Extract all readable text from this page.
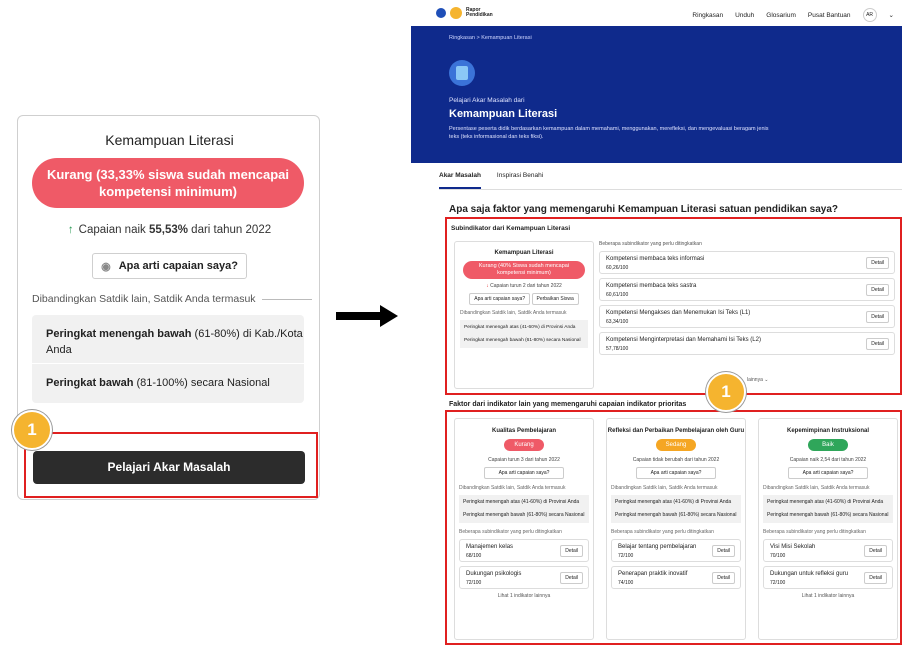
Kemampuan Literasi
Kurang (33,33% siswa sudah mencapai kompetensi minimum)
↑ Capaian naik 55,53% dari tahun 2022
◉ Apa arti capaian saya?
Dibandingkan Satdik lain, Satdik Anda termasuk
Peringkat menengah bawah (61-80%) di Kab./Kota Anda
Peringkat bawah (81-100%) secara Nasional
Pelajari Akar Masalah
1
Rapor Pendidikan	Ringkasan Unduh Glosarium Pusat Bantuan	AR	⌄
Ringkasan > Kemampuan Literasi
Pelajari Akar Masalah dari
Kemampuan Literasi
Persentase peserta didik berdasarkan kemampuan dalam memahami, menggunakan, merefleksi, dan mengevaluasi beragam jenis teks (teks informasional dan teks fiksi).
Akar Masalah Inspirasi Benahi
Apa saja faktor yang memengaruhi Kemampuan Literasi satuan pendidikan saya?
Subindikator dari Kemampuan Literasi
Kemampuan Literasi
Kurang (40% Siswa sudah mencapai kompetensi minimum)
↓ Capaian turun 2 dari tahun 2022
Apa arti capaian saya? Perbaikan Siswa
Dibandingkan Satdik lain, Satdik Anda termasuk
Peringkat menengah atas (41-60%) di Provinsi Anda
Peringkat menengah bawah (61-80%) secara Nasional
Beberapa subindikator yang perlu ditingkatkan
Kompetensi membaca teks informasi
60,26/100
Detail
Kompetensi membaca teks sastra
60,61/100
Detail
Kompetensi Mengakses dan Menemukan Isi Teks (L1)
63,34/100
Detail
Kompetensi Menginterpretasi dan Memahami Isi Teks (L2)
57,78/100
Detail
lainnya ⌄
Faktor dari indikator lain yang memengaruhi capaian indikator prioritas
Kualitas Pembelajaran
Kurang
Capaian turun 3 dari tahun 2022
Apa arti capaian saya?
Dibandingkan Satdik lain, Satdik Anda termasuk
Peringkat menengah atas (41-60%) di Provinsi Anda
Peringkat menengah bawah (61-80%) secara Nasional
Beberapa subindikator yang perlu ditingkatkan
Manajemen kelas
68/100
Detail
Dukungan psikologis
72/100
Detail
Lihat 1 indikator lainnya
Refleksi dan Perbaikan Pembelajaran oleh Guru
Sedang
Capaian tidak berubah dari tahun 2022
Apa arti capaian saya?
Dibandingkan Satdik lain, Satdik Anda termasuk
Peringkat menengah atas (41-60%) di Provinsi Anda
Peringkat menengah bawah (61-80%) secara Nasional
Beberapa subindikator yang perlu ditingkatkan
Belajar tentang pembelajaran
72/100
Detail
Penerapan praktik inovatif
74/100
Detail
Kepemimpinan Instruksional
Baik
Capaian naik 2,54 dari tahun 2022
Apa arti capaian saya?
Dibandingkan Satdik lain, Satdik Anda termasuk
Peringkat menengah atas (41-60%) di Provinsi Anda
Peringkat menengah bawah (61-80%) secara Nasional
Beberapa subindikator yang perlu ditingkatkan
Visi Misi Sekolah
70/100
Detail
Dukungan untuk refleksi guru
72/100
Detail
Lihat 1 indikator lainnya
1
